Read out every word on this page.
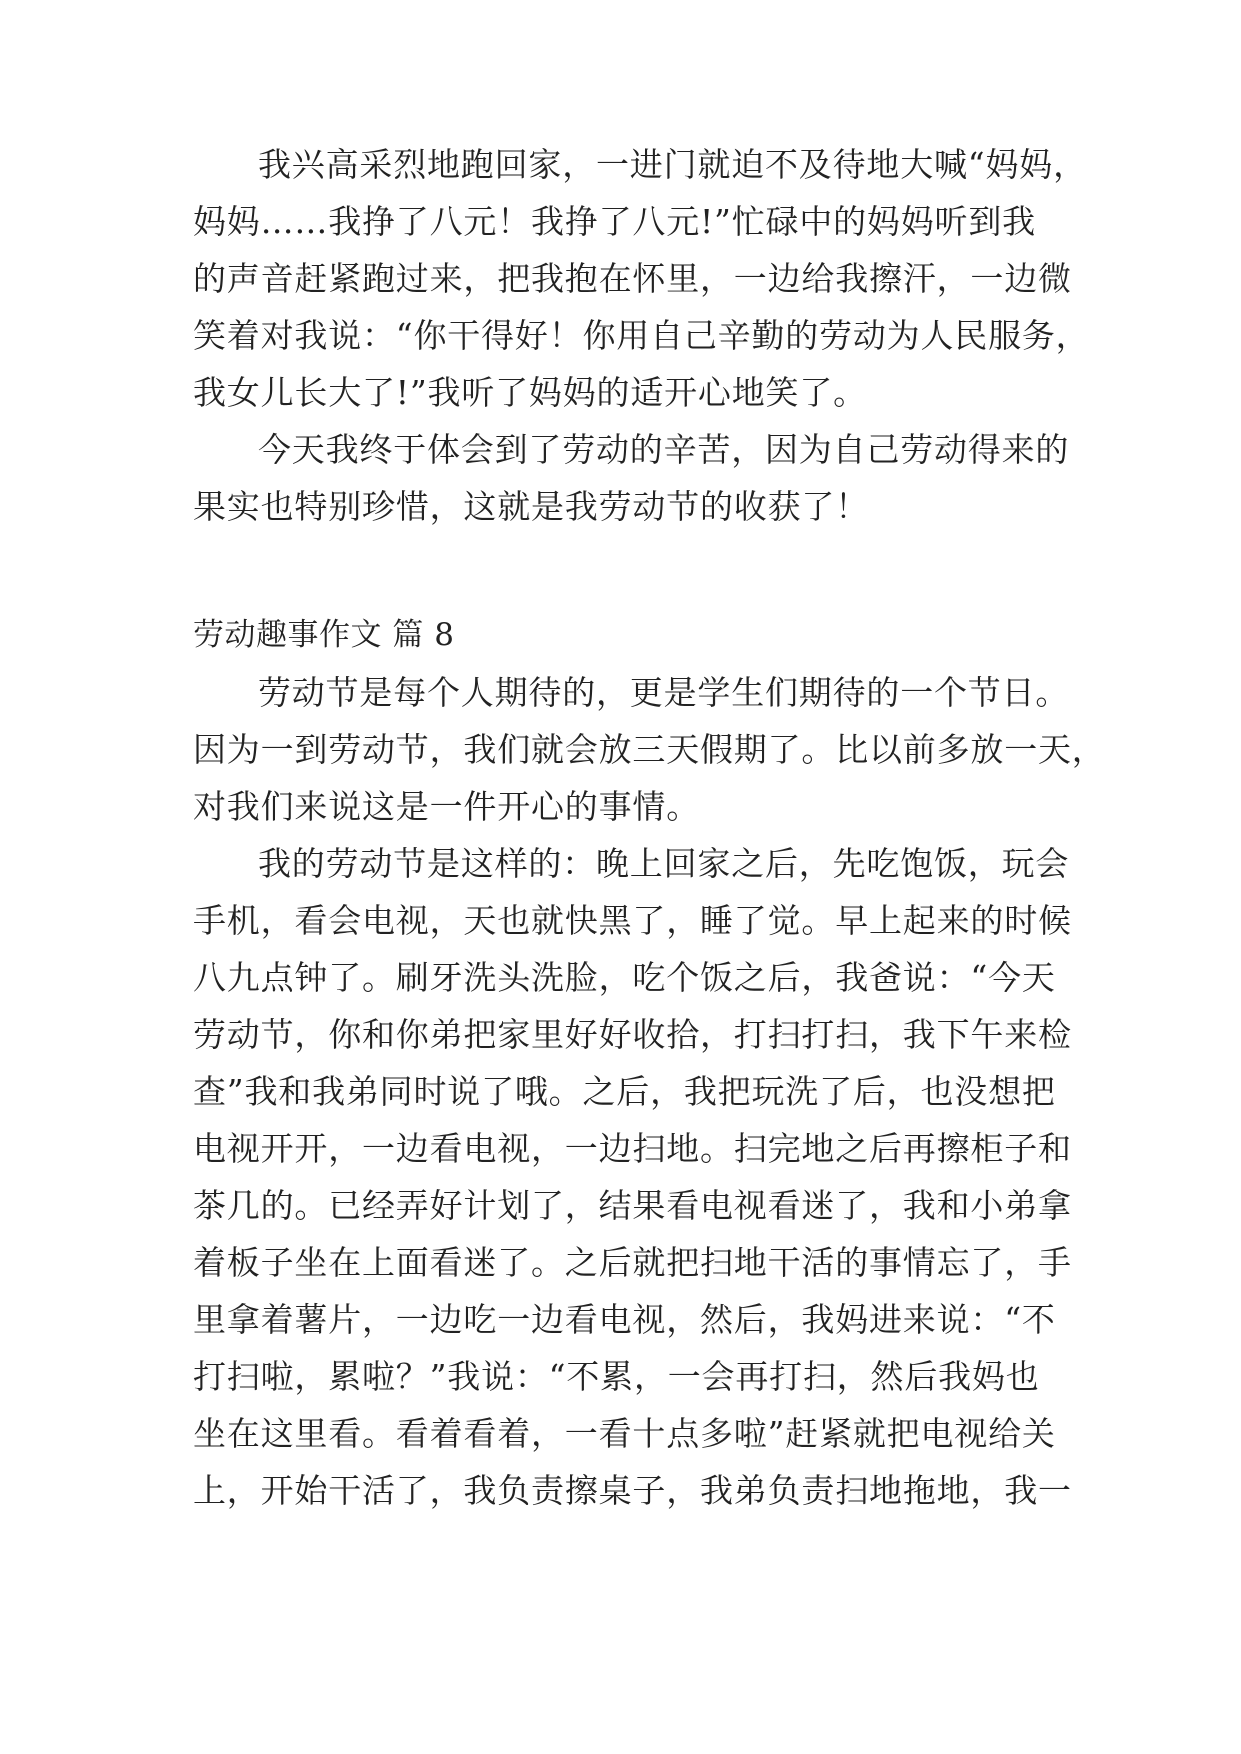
我兴高采烈地跑回家，一进门就迫不及待地大喊“妈妈，

妈妈……我挣了八元！我挣了八元!”忙碌中的妈妈听到我

的声音赶紧跑过来，把我抱在怀里，一边给我擦汗，一边微

笑着对我说：“你干得好！你用自己辛勤的劳动为人民服务，

我女儿长大了!”我听了妈妈的适开心地笑了。

今天我终于体会到了劳动的辛苦，因为自己劳动得来的

果实也特别珍惜，这就是我劳动节的收获了！

劳动趣事作文 篇 8

劳动节是每个人期待的，更是学生们期待的一个节日。

因为一到劳动节，我们就会放三天假期了。比以前多放一天，

对我们来说这是一件开心的事情。

我的劳动节是这样的：晚上回家之后，先吃饱饭，玩会

手机，看会电视，天也就快黑了，睡了觉。早上起来的时候

八九点钟了。刷牙洗头洗脸，吃个饭之后，我爸说：“今天

劳动节，你和你弟把家里好好收拾，打扫打扫，我下午来检

查”我和我弟同时说了哦。之后，我把玩洗了后，也没想把

电视开开，一边看电视，一边扫地。扫完地之后再擦柜子和

茶几的。已经弄好计划了，结果看电视看迷了，我和小弟拿

着板子坐在上面看迷了。之后就把扫地干活的事情忘了，手

里拿着薯片，一边吃一边看电视，然后，我妈进来说：“不

打扫啦，累啦？”我说：“不累，一会再打扫，然后我妈也

坐在这里看。看着看着，一看十点多啦”赶紧就把电视给关

上，开始干活了，我负责擦桌子，我弟负责扫地拖地，我一
